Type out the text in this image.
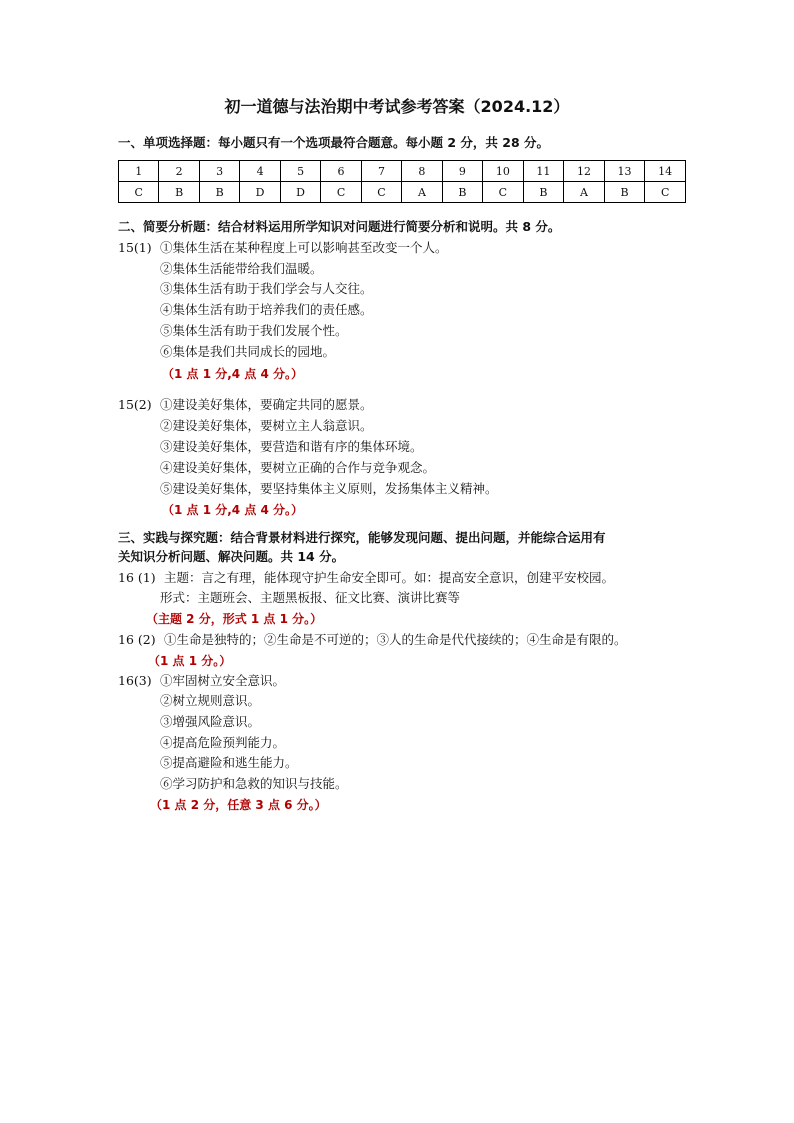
初一道德与法治期中考试参考答案（2024.12）
一、单项选择题：每小题只有一个选项最符合题意。每小题 2 分，共 28 分。
1	2	3	4	5	6	7	8	9	10	11	12	13	14
C	B	B	D	D	C	C	A	B	C	B	A	B	C
二、简要分析题：结合材料运用所学知识对问题进行简要分析和说明。共 8 分。
15(1) ①集体生活在某种程度上可以影响甚至改变一个人。
②集体生活能带给我们温暖。
③集体生活有助于我们学会与人交往。
④集体生活有助于培养我们的责任感。
⑤集体生活有助于我们发展个性。
⑥集体是我们共同成长的园地。
（1 点 1 分,4 点 4 分。）
15(2) ①建设美好集体，要确定共同的愿景。
②建设美好集体，要树立主人翁意识。
③建设美好集体，要营造和谐有序的集体环境。
④建设美好集体，要树立正确的合作与竞争观念。
⑤建设美好集体，要坚持集体主义原则，发扬集体主义精神。
（1 点 1 分,4 点 4 分。）
三、实践与探究题：结合背景材料进行探究，能够发现问题、提出问题，并能综合运用有
关知识分析问题、解决问题。共 14 分。
16 (1) 主题：言之有理，能体现守护生命安全即可。如：提高安全意识，创建平安校园。
形式：主题班会、主题黑板报、征文比赛、演讲比赛等
（主题 2 分，形式 1 点 1 分。）
16 (2) ①生命是独特的；②生命是不可逆的；③人的生命是代代接续的；④生命是有限的。
（1 点 1 分。）
16(3) ①牢固树立安全意识。
②树立规则意识。
③增强风险意识。
④提高危险预判能力。
⑤提高避险和逃生能力。
⑥学习防护和急救的知识与技能。
（1 点 2 分，任意 3 点 6 分。）
